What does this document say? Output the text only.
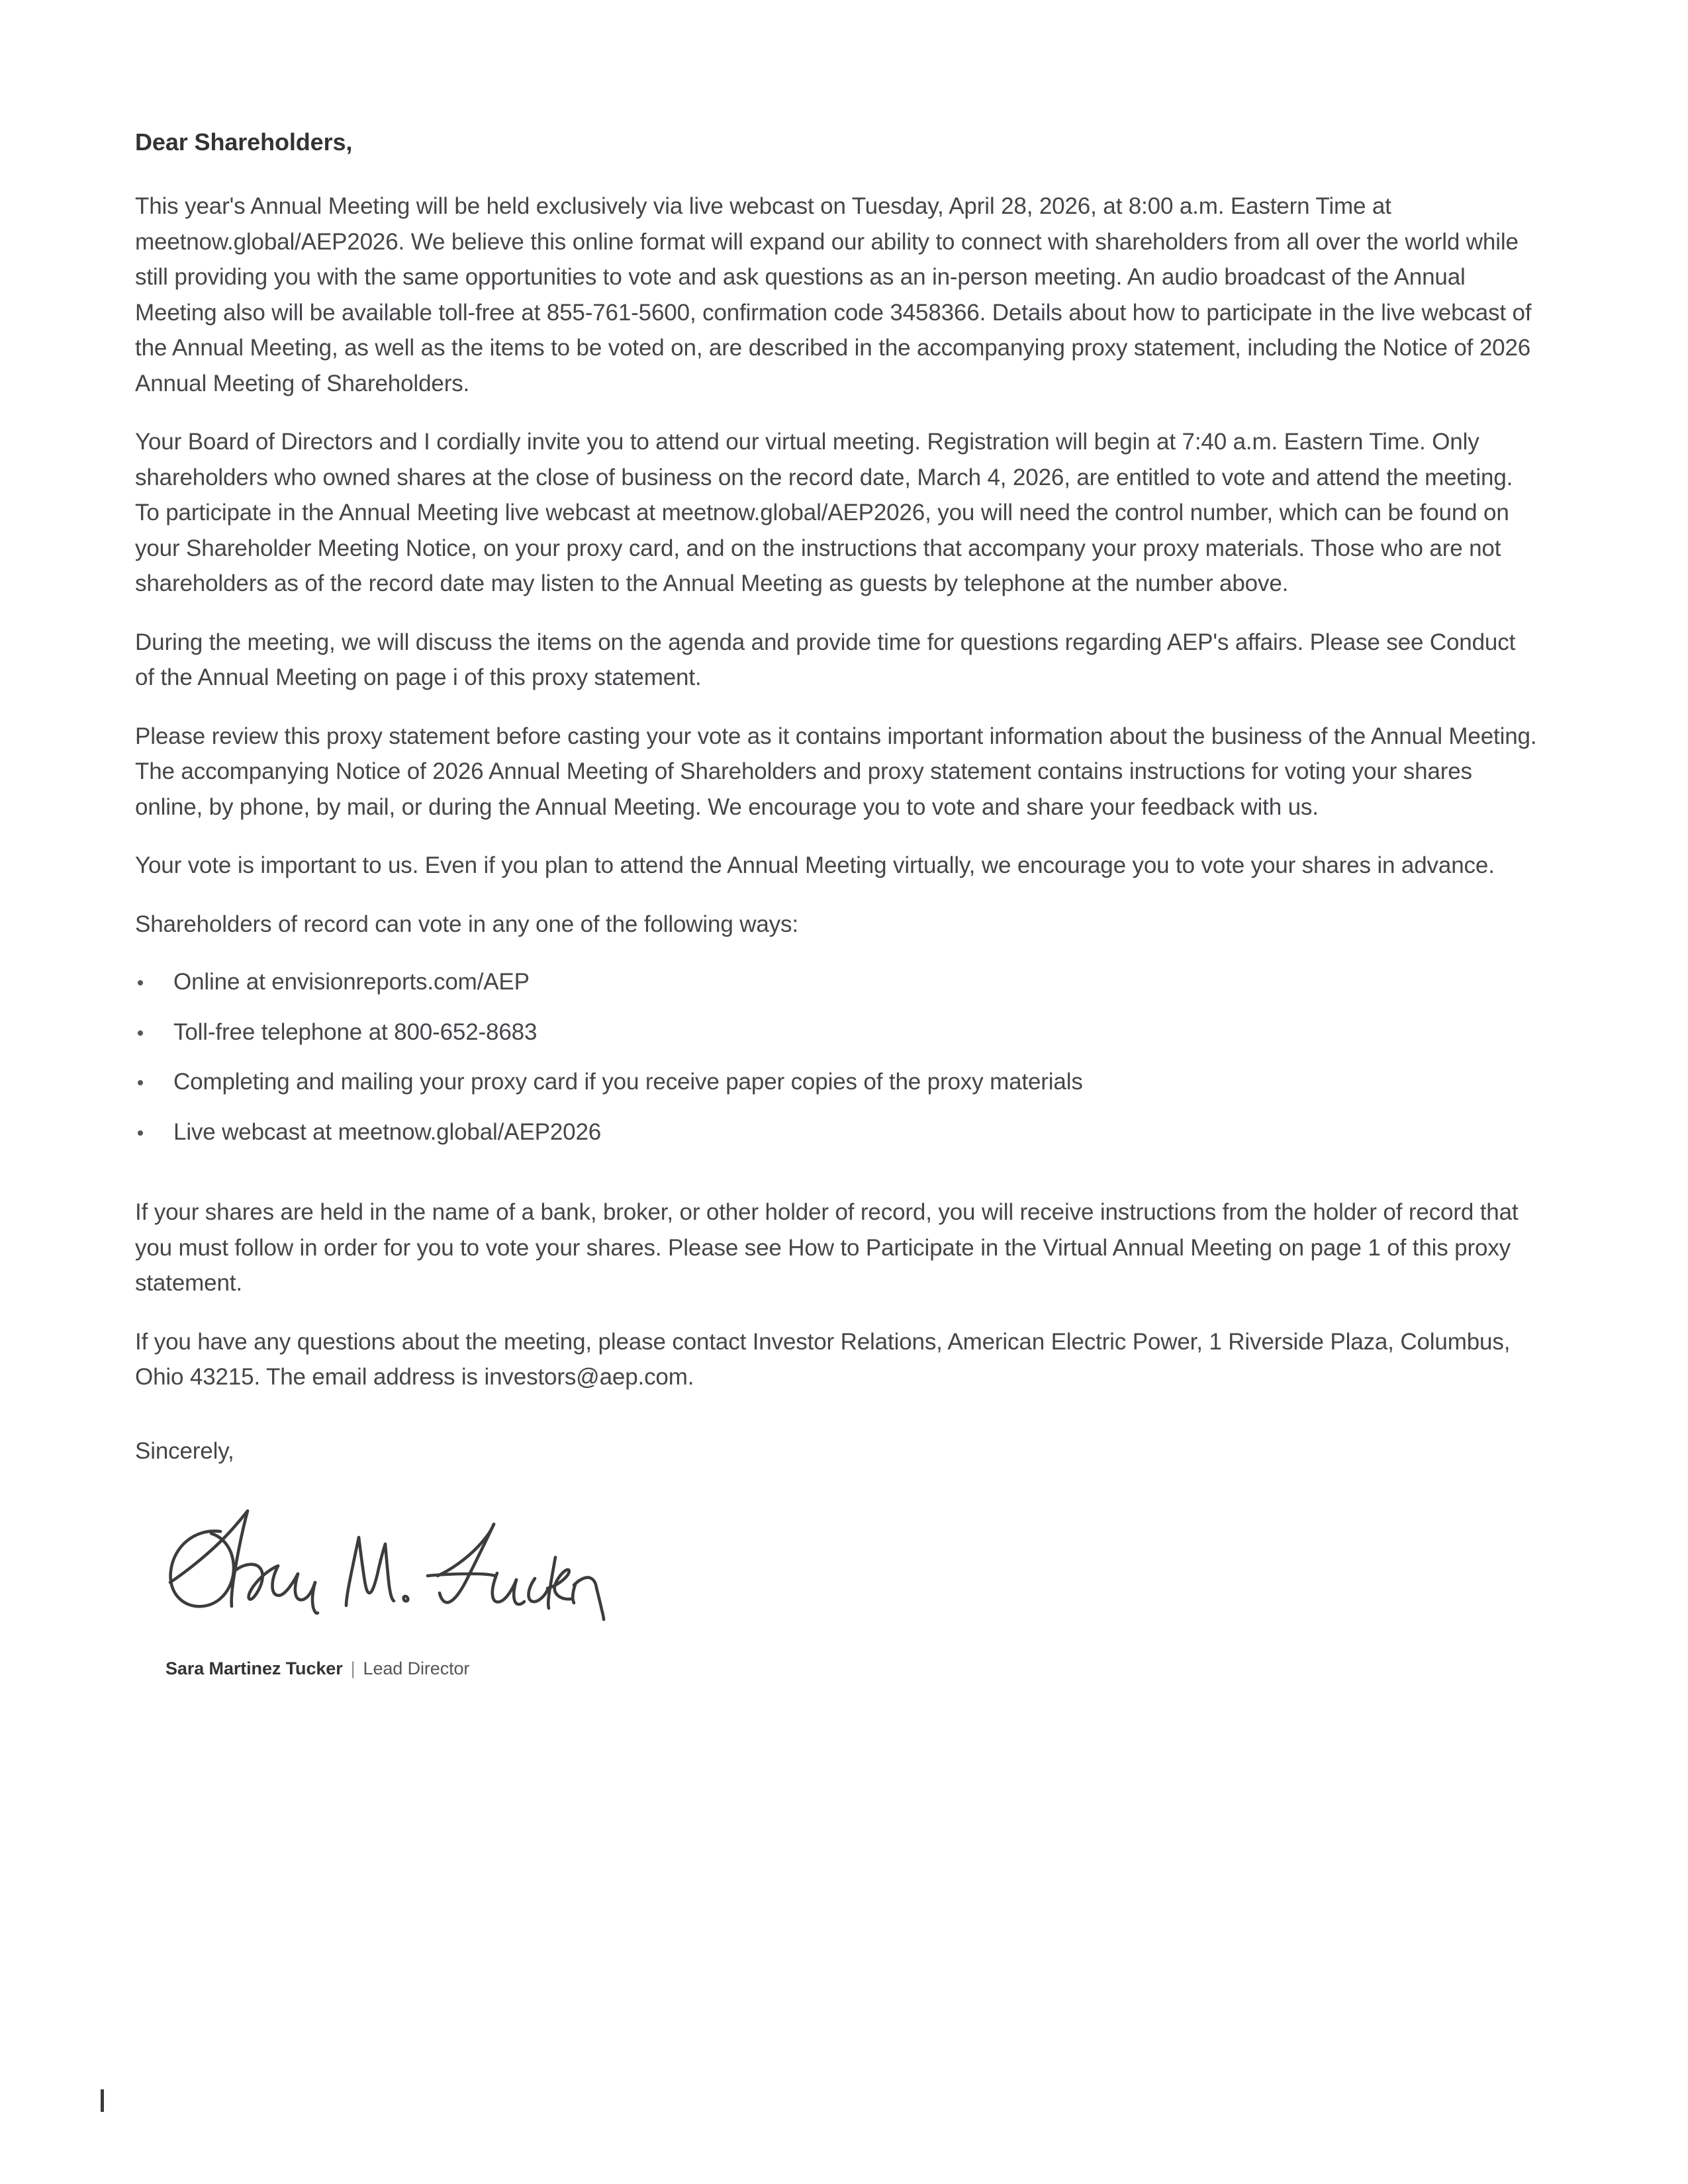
Dear Shareholders,

This year's Annual Meeting will be held exclusively via live webcast on Tuesday, April 28, 2026, at 8:00 a.m. Eastern Time at meetnow.global/AEP2026. We believe this online format will expand our ability to connect with shareholders from all over the world while still providing you with the same opportunities to vote and ask questions as an in-person meeting. An audio broadcast of the Annual Meeting also will be available toll-free at 855-761-5600, confirmation code 3458366. Details about how to participate in the live webcast of the Annual Meeting, as well as the items to be voted on, are described in the accompanying proxy statement, including the Notice of 2026 Annual Meeting of Shareholders.

Your Board of Directors and I cordially invite you to attend our virtual meeting. Registration will begin at 7:40 a.m. Eastern Time. Only shareholders who owned shares at the close of business on the record date, March 4, 2026, are entitled to vote and attend the meeting. To participate in the Annual Meeting live webcast at meetnow.global/AEP2026, you will need the control number, which can be found on your Shareholder Meeting Notice, on your proxy card, and on the instructions that accompany your proxy materials. Those who are not shareholders as of the record date may listen to the Annual Meeting as guests by telephone at the number above.

During the meeting, we will discuss the items on the agenda and provide time for questions regarding AEP's affairs. Please see Conduct of the Annual Meeting on page i of this proxy statement.

Please review this proxy statement before casting your vote as it contains important information about the business of the Annual Meeting. The accompanying Notice of 2026 Annual Meeting of Shareholders and proxy statement contains instructions for voting your shares online, by phone, by mail, or during the Annual Meeting. We encourage you to vote and share your feedback with us.

Your vote is important to us. Even if you plan to attend the Annual Meeting virtually, we encourage you to vote your shares in advance.

Shareholders of record can vote in any one of the following ways:

Online at envisionreports.com/AEP
Toll-free telephone at 800-652-8683
Completing and mailing your proxy card if you receive paper copies of the proxy materials
Live webcast at meetnow.global/AEP2026

If your shares are held in the name of a bank, broker, or other holder of record, you will receive instructions from the holder of record that you must follow in order for you to vote your shares. Please see How to Participate in the Virtual Annual Meeting on page 1 of this proxy statement.

If you have any questions about the meeting, please contact Investor Relations, American Electric Power, 1 Riverside Plaza, Columbus, Ohio 43215. The email address is investors@aep.com.

Sincerely,

Sara Martinez Tucker | Lead Director
